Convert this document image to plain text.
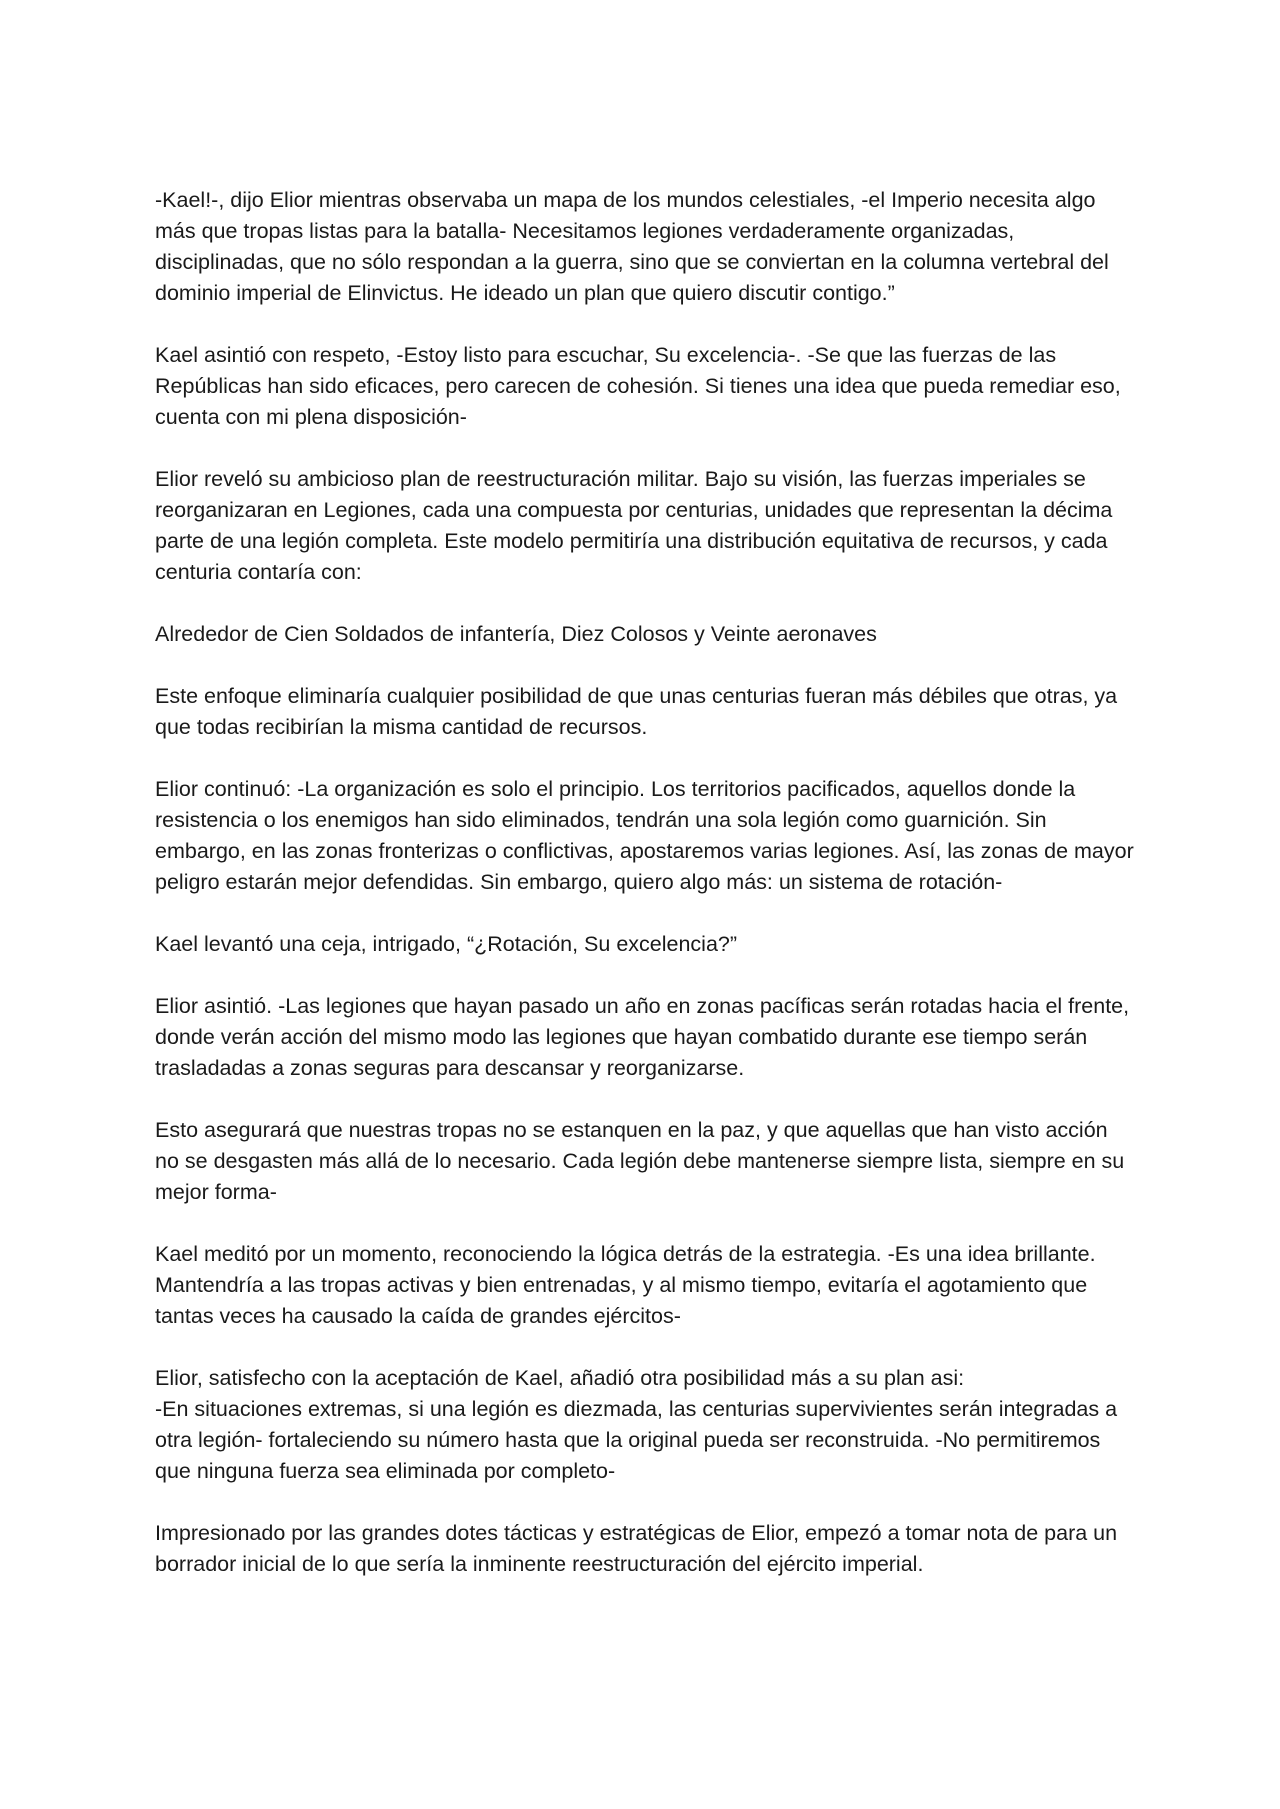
-Kael!-, dijo Elior mientras observaba un mapa de los mundos celestiales, -el Imperio necesita algo más que tropas listas para la batalla- Necesitamos legiones verdaderamente organizadas, disciplinadas, que no sólo respondan a la guerra, sino que se conviertan en la columna vertebral del dominio imperial de Elinvictus. He ideado un plan que quiero discutir contigo.”

Kael asintió con respeto, -Estoy listo para escuchar, Su excelencia-. -Se que las fuerzas de las Repúblicas han sido eficaces, pero carecen de cohesión. Si tienes una idea que pueda remediar eso, cuenta con mi plena disposición-

Elior reveló su ambicioso plan de reestructuración militar. Bajo su visión, las fuerzas imperiales se reorganizaran en Legiones, cada una compuesta por centurias, unidades que representan la décima parte de una legión completa. Este modelo permitiría una distribución equitativa de recursos, y cada centuria contaría con:

Alrededor de Cien Soldados de infantería, Diez Colosos y Veinte aeronaves

Este enfoque eliminaría cualquier posibilidad de que unas centurias fueran más débiles que otras, ya que todas recibirían la misma cantidad de recursos.

Elior continuó: -La organización es solo el principio. Los territorios pacificados, aquellos donde la resistencia o los enemigos han sido eliminados, tendrán una sola legión como guarnición. Sin embargo, en las zonas fronterizas o conflictivas, apostaremos varias legiones. Así, las zonas de mayor peligro estarán mejor defendidas. Sin embargo, quiero algo más: un sistema de rotación-

Kael levantó una ceja, intrigado, “¿Rotación, Su excelencia?”

Elior asintió. -Las legiones que hayan pasado un año en zonas pacíficas serán rotadas hacia el frente, donde verán acción del mismo modo las legiones que hayan combatido durante ese tiempo serán trasladadas a zonas seguras para descansar y reorganizarse.

Esto asegurará que nuestras tropas no se estanquen en la paz, y que aquellas que han visto acción no se desgasten más allá de lo necesario. Cada legión debe mantenerse siempre lista, siempre en su mejor forma-

Kael meditó por un momento, reconociendo la lógica detrás de la estrategia. -Es una idea brillante. Mantendría a las tropas activas y bien entrenadas, y al mismo tiempo, evitaría el agotamiento que tantas veces ha causado la caída de grandes ejércitos-

Elior, satisfecho con la aceptación de Kael, añadió otra posibilidad más a su plan asi:
-En situaciones extremas, si una legión es diezmada, las centurias supervivientes serán integradas a otra legión- fortaleciendo su número hasta que la original pueda ser reconstruida. -No permitiremos que ninguna fuerza sea eliminada por completo-

Impresionado por las grandes dotes tácticas y estratégicas de Elior, empezó a tomar nota de para un borrador inicial de lo que sería la inminente reestructuración del ejército imperial.
